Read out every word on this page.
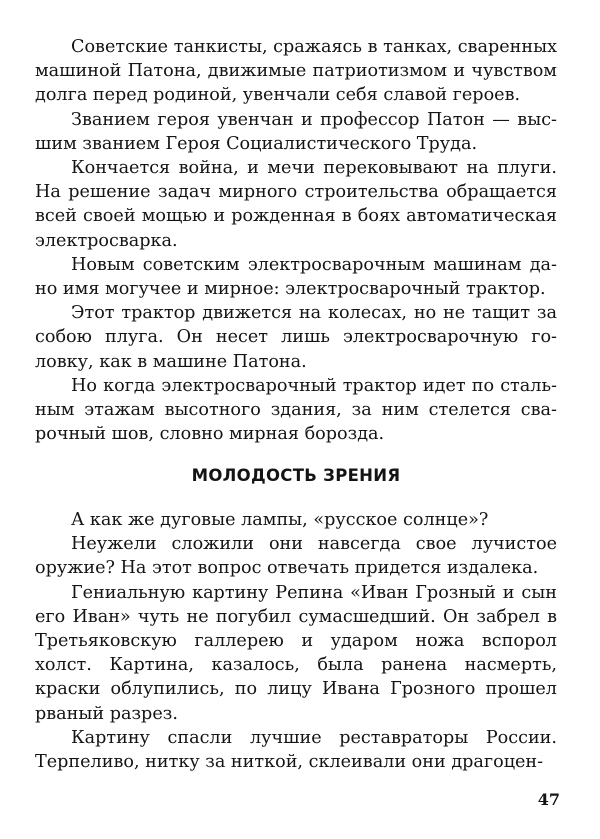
Советские танкисты, сражаясь в танках, сваренных машиной Патона, движимые патриотизмом и чувством долга перед родиной, увенчали себя славой героев.

Званием героя увенчан и профессор Патон — высшим званием Героя Социалистического Труда.

Кончается война, и мечи перековывают на плуги. На решение задач мирного строительства обращается всей своей мощью и рожденная в боях автоматическая электросварка.

Новым советским электросварочным машинам дано имя могучее и мирное: электросварочный трактор.

Этот трактор движется на колесах, но не тащит за собою плуга. Он несет лишь электросварочную головку, как в машине Патона.

Но когда электросварочный трактор идет по стальным этажам высотного здания, за ним стелется сварочный шов, словно мирная борозда.

МОЛОДОСТЬ ЗРЕНИЯ

А как же дуговые лампы, «русское солнце»?

Неужели сложили они навсегда свое лучистое оружие? На этот вопрос отвечать придется издалека.

Гениальную картину Репина «Иван Грозный и сын его Иван» чуть не погубил сумасшедший. Он забрел в Третьяковскую галлерею и ударом ножа вспорол холст. Картина, казалось, была ранена насмерть, краски облупились, по лицу Ивана Грозного прошел рваный разрез.

Картину спасли лучшие реставраторы России. Терпеливо, нитку за ниткой, склеивали они драгоцен-

47
